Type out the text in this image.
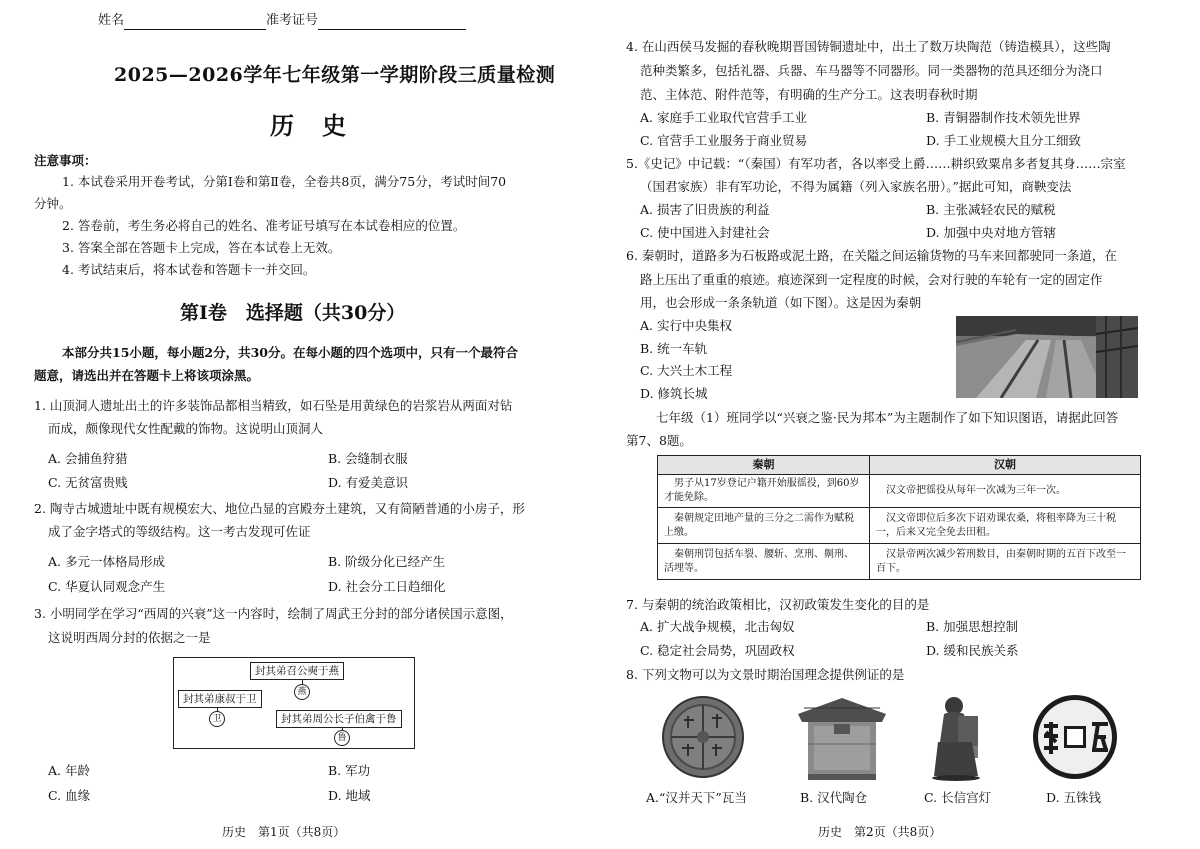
姓名	准考证号
2025—2026学年七年级第一学期阶段三质量检测
历史
注意事项：
1. 本试卷采用开卷考试，分第Ⅰ卷和第Ⅱ卷，全卷共8页，满分75分，考试时间70
分钟。
2. 答卷前，考生务必将自己的姓名、准考证号填写在本试卷相应的位置。
3. 答案全部在答题卡上完成，答在本试卷上无效。
4. 考试结束后，将本试卷和答题卡一并交回。
第Ⅰ卷　选择题（共30分）
本部分共15小题，每小题2分，共30分。在每小题的四个选项中，只有一个最符合
题意，请选出并在答题卡上将该项涂黑。
1. 山顶洞人遗址出土的许多装饰品都相当精致，如石坠是用黄绿色的岩浆岩从两面对钻
而成，颇像现代女性配戴的饰物。这说明山顶洞人
A. 会捕鱼狩猎	B. 会缝制衣服
C. 无贫富贵贱	D. 有爱美意识
2. 陶寺古城遗址中既有规模宏大、地位凸显的宫殿夯土建筑，又有简陋普通的小房子，形
成了金字塔式的等级结构。这一考古发现可佐证
A. 多元一体格局形成	B. 阶级分化已经产生
C. 华夏认同观念产生	D. 社会分工日趋细化
3. 小明同学在学习“西周的兴衰”这一内容时，绘制了周武王分封的部分诸侯国示意图，
这说明西周分封的依据之一是
封其弟召公奭于燕
燕
封其弟康叔于卫
卫	封其弟周公长子伯禽于鲁
鲁
A. 年龄	B. 军功
C. 血缘	D. 地域
历史　第1页（共8页）
4. 在山西侯马发掘的春秋晚期晋国铸铜遗址中，出土了数万块陶范（铸造模具），这些陶
范种类繁多，包括礼器、兵器、车马器等不同器形。同一类器物的范具还细分为浇口
范、主体范、附件范等，有明确的生产分工。这表明春秋时期
A. 家庭手工业取代官营手工业	B. 青铜器制作技术领先世界
C. 官营手工业服务于商业贸易	D. 手工业规模大且分工细致
5.《史记》中记载：“（秦国）有军功者，各以率受上爵……耕织致粟帛多者复其身……宗室
（国君家族）非有军功论，不得为属籍（列入家族名册）。”据此可知，商鞅变法
A. 损害了旧贵族的利益	B. 主张减轻农民的赋税
C. 使中国进入封建社会	D. 加强中央对地方管辖
6. 秦朝时，道路多为石板路或泥土路，在关隘之间运输货物的马车来回都驶同一条道，在
路上压出了重重的痕迹。痕迹深到一定程度的时候，会对行驶的车轮有一定的固定作
用，也会形成一条条轨道（如下图）。这是因为秦朝
A. 实行中央集权
B. 统一车轨
C. 大兴土木工程
D. 修筑长城
七年级（1）班同学以“兴衰之鉴·民为邦本”为主题制作了如下知识图语，请据此回答
第7、8题。
秦朝	汉朝
　男子从17岁登记户籍开始服徭役，到60岁才能免除。	　汉文帝把徭役从每年一次减为三年一次。
　秦朝规定田地产量的三分之二需作为赋税上缴。	　汉文帝即位后多次下诏劝课农桑，将租率降为三十税一，后来又完全免去田租。
　秦朝刑罚包括车裂、腰斩、烹刑、劓刑、活埋等。	　汉景帝两次减少笞刑数目，由秦朝时期的五百下改至一百下。
7. 与秦朝的统治政策相比，汉初政策发生变化的目的是
A. 扩大战争规模，北击匈奴	B. 加强思想控制
C. 稳定社会局势，巩固政权	D. 缓和民族关系
8. 下列文物可以为文景时期治国理念提供例证的是
A.“汉并天下”瓦当	B. 汉代陶仓	C. 长信宫灯	D. 五铢钱
历史　第2页（共8页）
